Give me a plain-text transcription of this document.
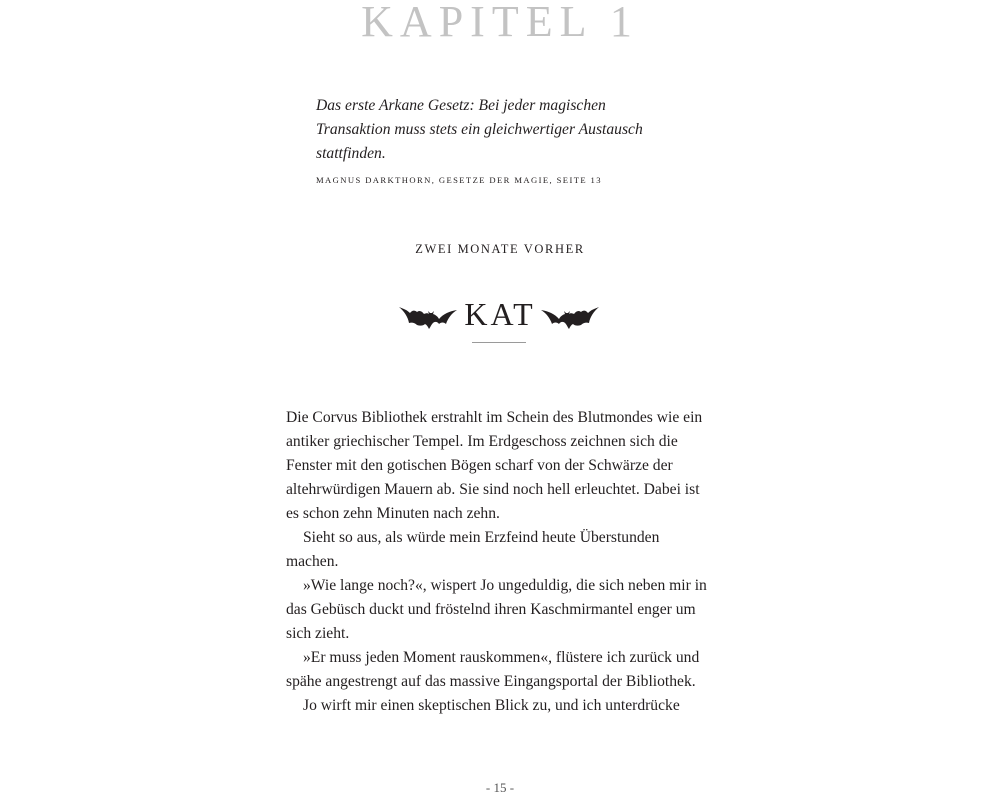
KAPITEL 1

Das erste Arkane Gesetz: Bei jeder magischen Transaktion muss stets ein gleichwertiger Austausch stattfinden.

MAGNUS DARKTHORN, GESETZE DER MAGIE, SEITE 13
ZWEI MONATE VORHER
KAT

Die Corvus Bibliothek erstrahlt im Schein des Blutmondes wie ein antiker griechischer Tempel. Im Erdgeschoss zeichnen sich die Fenster mit den gotischen Bögen scharf von der Schwärze der altehrwürdigen Mauern ab. Sie sind noch hell erleuchtet. Dabei ist es schon zehn Minuten nach zehn.

Sieht so aus, als würde mein Erzfeind heute Überstunden machen.

»Wie lange noch?«, wispert Jo ungeduldig, die sich neben mir in das Gebüsch duckt und fröstelnd ihren Kaschmirmantel enger um sich zieht.

»Er muss jeden Moment rauskommen«, flüstere ich zurück und spähe angestrengt auf das massive Eingangsportal der Bibliothek.

Jo wirft mir einen skeptischen Blick zu, und ich unterdrücke

- 15 -
